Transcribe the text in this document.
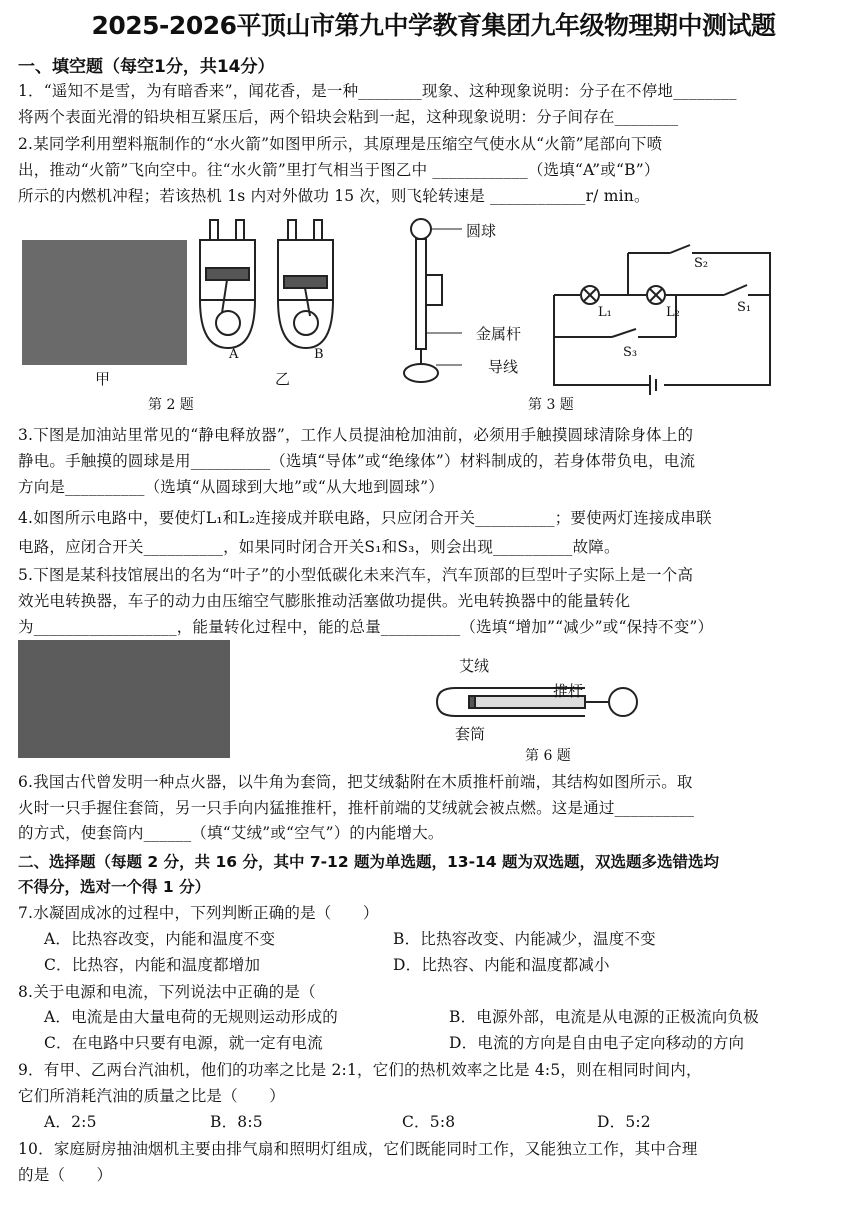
2025-2026平顶山市第九中学教育集团九年级物理期中测试题
一、填空题（每空1分，共14分）
1．“遥知不是雪，为有暗香来”，闻花香，是一种________现象、这种现象说明：分子在不停地________
将两个表面光滑的铅块相互紧压后，两个铅块会粘到一起，这种现象说明：分子间存在________
2.某同学利用塑料瓶制作的“水火箭”如图甲所示，其原理是压缩空气使水从“火箭”尾部向下喷
出，推动“火箭”飞向空中。往“水火箭”里打气相当于图乙中 ____________（选填“A”或“B”）
所示的内燃机冲程；若该热机 1s 内对外做功 15 次，则飞轮转速是 ____________r/ min。
甲
A	B
乙
第 2 题
圆球
金属杆
导线
第 3 题
S₂
S₁
S₃
L₁	L₂
3.下图是加油站里常见的“静电释放器”，工作人员提油枪加油前，必须用手触摸圆球清除身体上的
静电。手触摸的圆球是用__________（选填“导体”或“绝缘体”）材料制成的，若身体带负电，电流
方向是__________（选填“从圆球到大地”或“从大地到圆球”）
4.如图所示电路中，要使灯L₁和L₂连接成并联电路，只应闭合开关__________；要使两灯连接成串联
电路，应闭合开关__________，如果同时闭合开关S₁和S₃，则会出现__________故障。
5.下图是某科技馆展出的名为“叶子”的小型低碳化未来汽车，汽车顶部的巨型叶子实际上是一个高
效光电转换器，车子的动力由压缩空气膨胀推动活塞做功提供。光电转换器中的能量转化
为__________________，能量转化过程中，能的总量__________（选填“增加”“减少”或“保持不变”）
艾绒
推杆
套筒
第 6 题
6.我国古代曾发明一种点火器，以牛角为套筒，把艾绒黏附在木质推杆前端，其结构如图所示。取
火时一只手握住套筒，另一只手向内猛推推杆，推杆前端的艾绒就会被点燃。这是通过__________
的方式，使套筒内______（填“艾绒”或“空气”）的内能增大。
二、选择题（每题 2 分，共 16 分，其中 7-12 题为单选题，13-14 题为双选题，双选题多选错选均
不得分，选对一个得 1 分）
7.水凝固成冰的过程中，下列判断正确的是（　　）
A．比热容改变，内能和温度不变	B．比热容改变、内能减少，温度不变
C．比热容，内能和温度都增加	D．比热容、内能和温度都减小
8.关于电源和电流，下列说法中正确的是（
A．电流是由大量电荷的无规则运动形成的	B．电源外部，电流是从电源的正极流向负极
C．在电路中只要有电源，就一定有电流	D．电流的方向是自由电子定向移动的方向
9．有甲、乙两台汽油机，他们的功率之比是 2:1，它们的热机效率之比是 4:5，则在相同时间内，
它们所消耗汽油的质量之比是（　　）
A．2:5	B．8:5	C．5:8	D．5:2
10．家庭厨房抽油烟机主要由排气扇和照明灯组成，它们既能同时工作，又能独立工作，其中合理
的是（　　）
